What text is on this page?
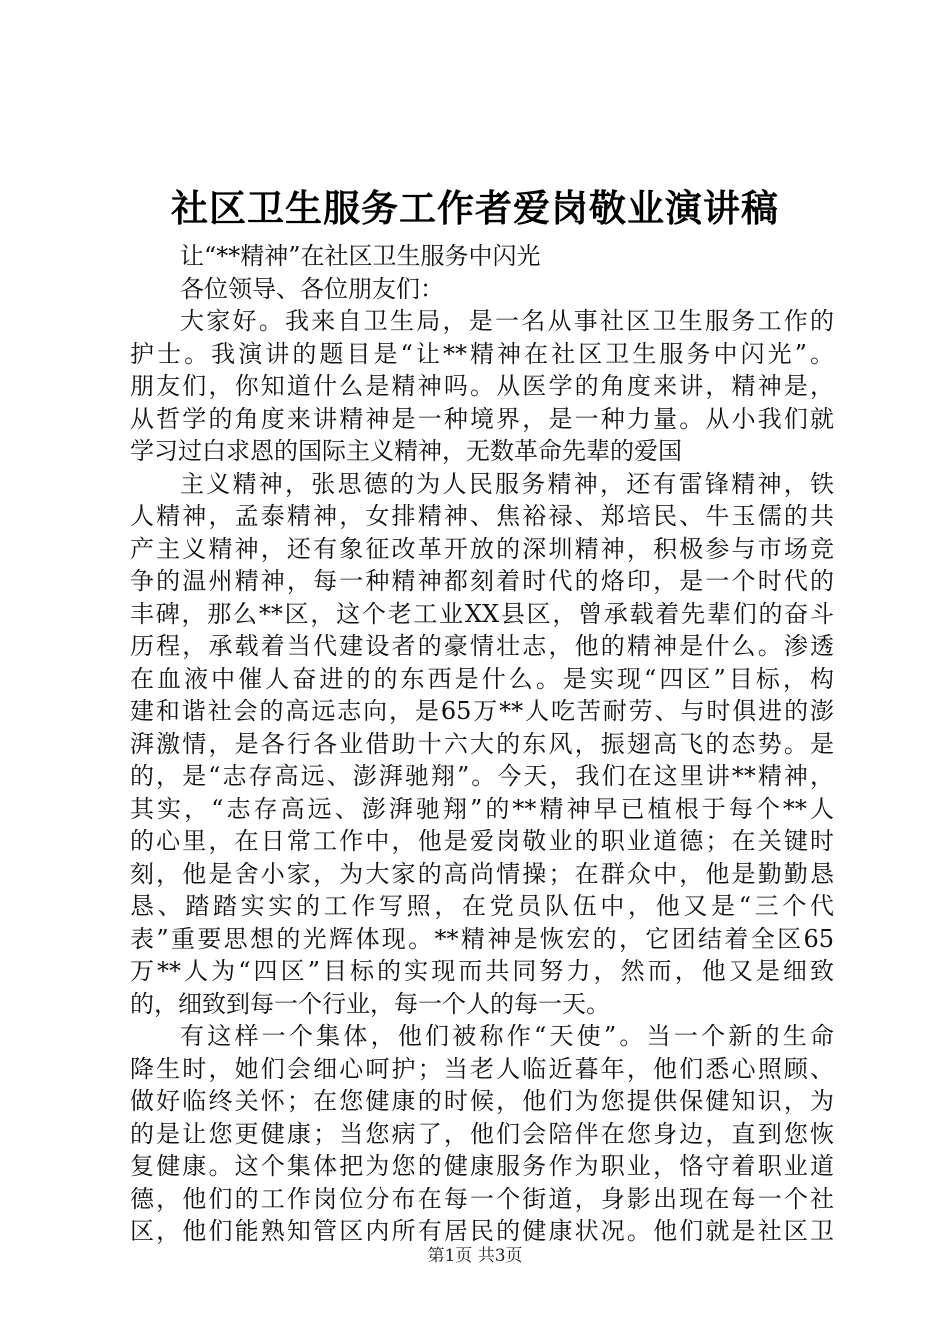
社区卫生服务工作者爱岗敬业演讲稿
让“**精神”在社区卫生服务中闪光
各位领导、各位朋友们：
大家好。我来自卫生局，是一名从事社区卫生服务工作的
护士。我演讲的题目是“让**精神在社区卫生服务中闪光”。
朋友们，你知道什么是精神吗。从医学的角度来讲，精神是，
从哲学的角度来讲精神是一种境界，是一种力量。从小我们就
学习过白求恩的国际主义精神，无数革命先辈的爱国
主义精神，张思德的为人民服务精神，还有雷锋精神，铁
人精神，孟泰精神，女排精神、焦裕禄、郑培民、牛玉儒的共
产主义精神，还有象征改革开放的深圳精神，积极参与市场竞
争的温州精神，每一种精神都刻着时代的烙印，是一个时代的
丰碑，那么**区，这个老工业XX县区，曾承载着先辈们的奋斗
历程，承载着当代建设者的豪情壮志，他的精神是什么。渗透
在血液中催人奋进的的东西是什么。是实现“四区”目标，构
建和谐社会的高远志向，是65万**人吃苦耐劳、与时俱进的澎
湃激情，是各行各业借助十六大的东风，振翅高飞的态势。是
的，是“志存高远、澎湃驰翔”。今天，我们在这里讲**精神，
其实，“志存高远、澎湃驰翔”的**精神早已植根于每个**人
的心里，在日常工作中，他是爱岗敬业的职业道德；在关键时
刻，他是舍小家，为大家的高尚情操；在群众中，他是勤勤恳
恳、踏踏实实的工作写照，在党员队伍中，他又是“三个代
表”重要思想的光辉体现。**精神是恢宏的，它团结着全区65
万**人为“四区”目标的实现而共同努力，然而，他又是细致
的，细致到每一个行业，每一个人的每一天。
有这样一个集体，他们被称作“天使”。当一个新的生命
降生时，她们会细心呵护；当老人临近暮年，他们悉心照顾、
做好临终关怀；在您健康的时候，他们为您提供保健知识，为
的是让您更健康；当您病了，他们会陪伴在您身边，直到您恢
复健康。这个集体把为您的健康服务作为职业，恪守着职业道
德，他们的工作岗位分布在每一个街道，身影出现在每一个社
区，他们能熟知管区内所有居民的健康状况。他们就是社区卫
第1页 共3页
